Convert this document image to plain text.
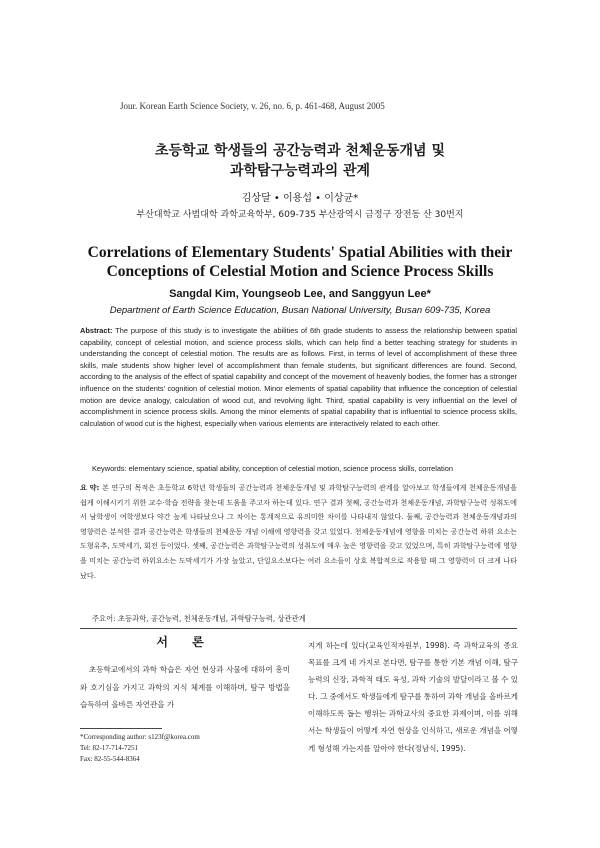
Jour. Korean Earth Science Society, v. 26, no. 6, p. 461-468, August 2005
초등학교 학생들의 공간능력과 천체운동개념 및
과학탐구능력과의 관계
김상달 • 이용섭 • 이상균*
부산대학교 사범대학 과학교육학부, 609-735 부산광역시 금정구 장전동 산 30번지
Correlations of Elementary Students' Spatial Abilities with their
Conceptions of Celestial Motion and Science Process Skills
Sangdal Kim, Youngseob Lee, and Sanggyun Lee*
Department of Earth Science Education, Busan National University, Busan 609-735, Korea
Abstract: The purpose of this study is to investigate the abilities of 6th grade students to assess the relationship between spatial capability, concept of celestial motion, and science process skills, which can help find a better teaching strategy for students in understanding the concept of celestial motion. The results are as follows. First, in terms of level of accomplishment of these three skills, male students show higher level of accomplishment than female students, but significant differences are found. Second, according to the analysis of the effect of spatial capability and concept of the movement of heavenly bodies, the former has a stronger influence on the students' cognition of celestial motion. Minor elements of spatial capability that influence the conception of celestial motion are device analogy, calculation of wood cut, and revolving light. Third, spatial capability is very influential on the level of accomplishment in science process skills. Among the minor elements of spatial capability that is influential to science process skills, calculation of wood cut is the highest, especially when various elements are interactively related to each other.
Keywords: elementary science, spatial ability, conception of celestial motion, science process skills, correlation
요 약: 본 연구의 목적은 초등학교 6학년 학생들의 공간능력과 천체운동개념 및 과학탐구능력의 관계를 알아보고 학생들에게 천체운동개념을 쉽게 이해시키기 위한 교수·학습 전략을 찾는데 도움을 주고자 하는데 있다. 연구 결과 첫째, 공간능력과 천체운동개념, 과학탐구능력 성취도에서 남학생이 여학생보다 약간 높게 나타났으나 그 차이는 통계적으로 유의미한 차이를 나타내지 않았다. 둘째, 공간능력과 천체운동개념과의 영향력은 분석한 결과 공간능력은 학생들의 천체운동 개념 이해에 영향력을 갖고 있었다. 천체운동개념에 영향을 미치는 공간능력 하위 요소는 도형유추, 도막세기, 회전 등이었다. 셋째, 공간능력은 과학탐구능력의 성취도에 매우 높은 영향력을 갖고 있었으며, 특히 과학탐구능력에 영향을 미치는 공간능력 하위요소는 도막세기가 가장 높았고, 단일요소보다는 여러 요소들이 상호 복합적으로 작용할 때 그 영향력이 더 크게 나타났다.
주요어: 초등과학, 공간능력, 천체운동개념, 과학탐구능력, 상관관계
서 론
초등학교에서의 과학 학습은 자연 현상과 사물에 대하여 흥미와 호기심을 가지고 과학의 지식 체계를 이해하며, 탐구 방법을 습득하여 올바른 자연관을 가
지게 하는데 있다(교육인적자원부, 1998). 즉 과학교육의 종요 목표를 크게 네 가지로 본다면, 탐구를 통한 기본 개념 이해, 탐구능력의 신장, 과학적 태도 육성, 과학 기술의 발달이라고 볼 수 있다. 그 중에서도 학생들에게 탐구를 통하여 과학 개념을 올바르게 이해하도록 돕는 행위는 과학교사의 중요한 과제이며, 이를 위해서는 학생들이 어떻게 자연 현상을 인식하고, 새로운 개념을 어떻게 형성해 가는지를 알아야 한다(정남식, 1995).
*Corresponding author: s123f@korea.com
Tel: 82-17-714-7251
Fax: 82-55-544-8364
